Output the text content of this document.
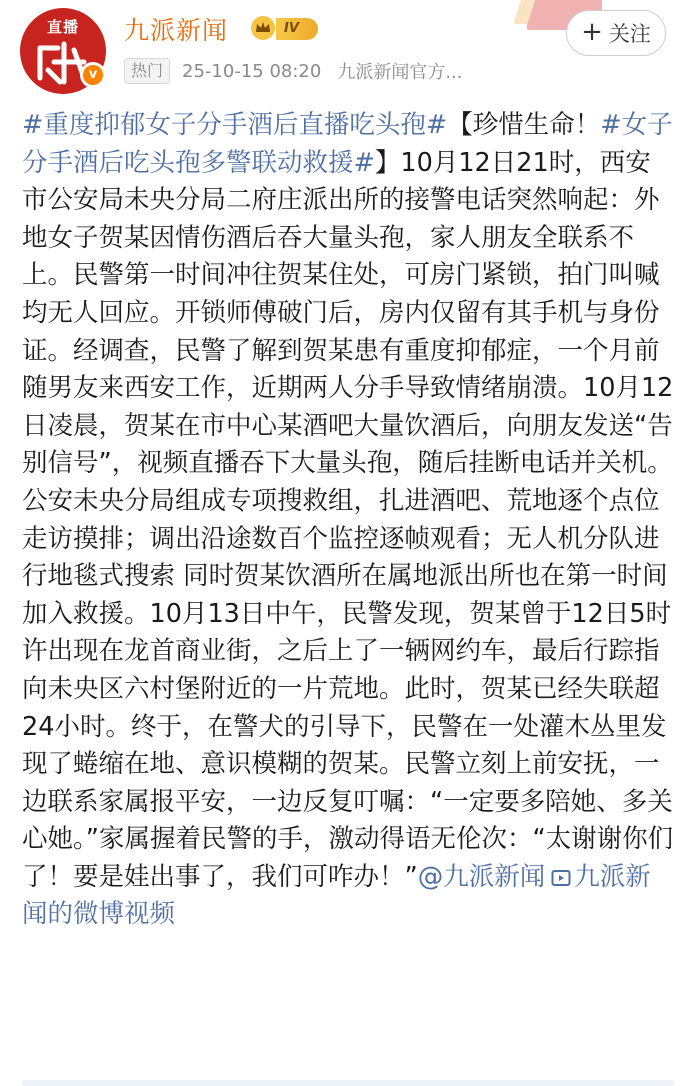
直播
v
九派新闻	IV	+ 关注
热门	25-10-15 08:20 九派新闻官方...
#重度抑郁女子分手酒后直播吃头孢#【珍惜生命！#女子分手酒后吃头孢多警联动救援#】10月12日21时，西安市公安局未央分局二府庄派出所的接警电话突然响起：外地女子贺某因情伤酒后吞大量头孢，家人朋友全联系不上。民警第一时间冲往贺某住处，可房门紧锁，拍门叫喊均无人回应。开锁师傅破门后，房内仅留有其手机与身份证。经调查，民警了解到贺某患有重度抑郁症，一个月前随男友来西安工作，近期两人分手导致情绪崩溃。10月12日凌晨，贺某在市中心某酒吧大量饮酒后，向朋友发送“告别信号”，视频直播吞下大量头孢，随后挂断电话并关机。公安未央分局组成专项搜救组，扎进酒吧、荒地逐个点位走访摸排；调出沿途数百个监控逐帧观看；无人机分队进行地毯式搜索 同时贺某饮酒所在属地派出所也在第一时间加入救援。10月13日中午，民警发现，贺某曾于12日5时许出现在龙首商业街，之后上了一辆网约车，最后行踪指向未央区六村堡附近的一片荒地。此时，贺某已经失联超24小时。终于，在警犬的引导下，民警在一处灌木丛里发现了蜷缩在地、意识模糊的贺某。民警立刻上前安抚，一边联系家属报平安，一边反复叮嘱：“一定要多陪她、多关心她。”家属握着民警的手，激动得语无伦次：“太谢谢你们了！要是娃出事了，我们可咋办！”@九派新闻 九派新闻的微博视频
